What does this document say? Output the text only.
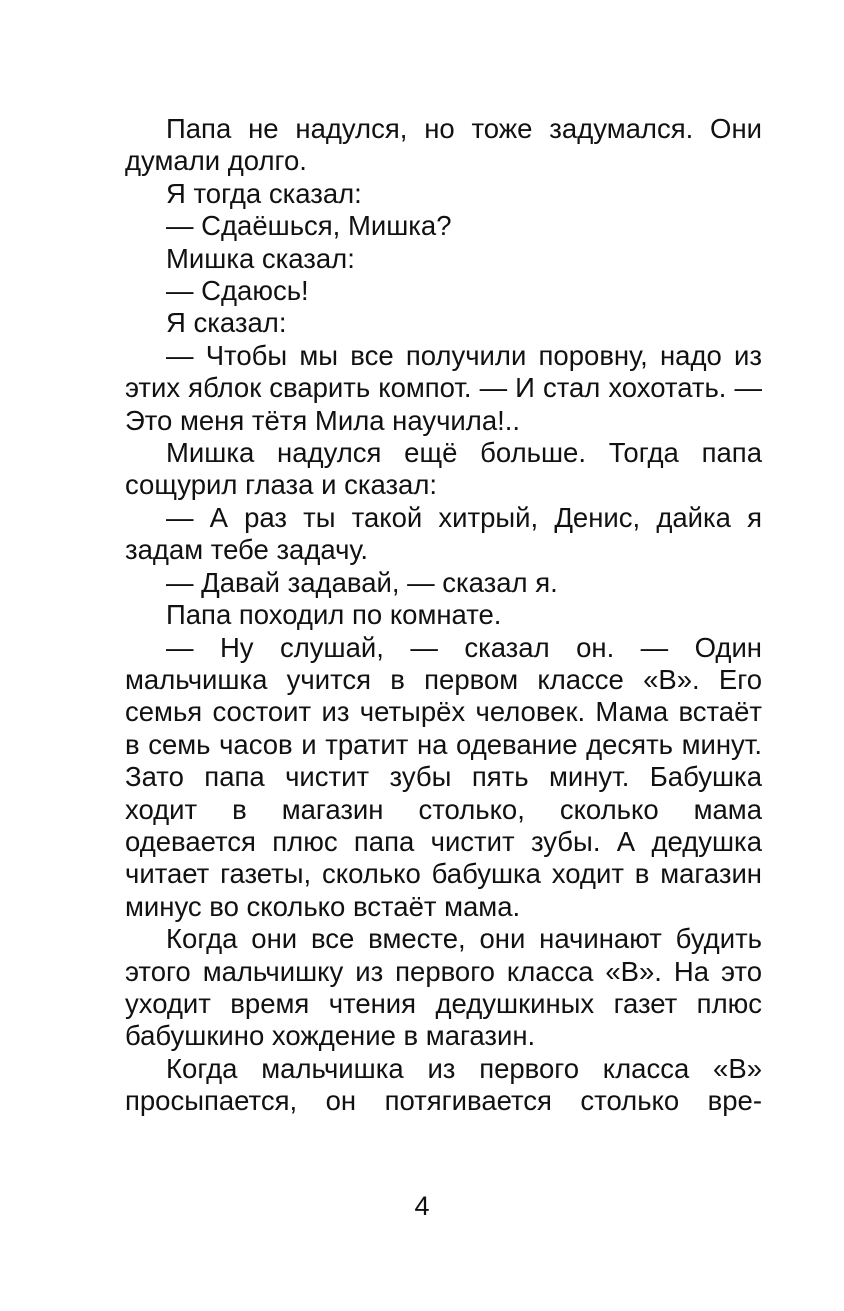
Папа не надулся, но тоже задумался. Они думали долго.

Я тогда сказал:

— Сдаёшься, Мишка?

Мишка сказал:

— Сдаюсь!

Я сказал:

— Чтобы мы все получили поровну, надо из этих яблок сварить компот. — И стал хохотать. — Это меня тётя Мила научила!..

Мишка надулся ещё больше. Тогда папа сощурил глаза и сказал:

— А раз ты такой хитрый, Денис, дайка я задам тебе задачу.

— Давай задавай, — сказал я.

Папа походил по комнате.

— Ну слушай, — сказал он. — Один мальчишка учится в первом классе «В». Его семья состоит из четырёх человек. Мама встаёт в семь часов и тратит на одевание десять минут. Зато папа чистит зубы пять минут. Бабушка ходит в магазин столько, сколько мама одевается плюс папа чистит зубы. А дедушка читает газеты, сколько бабушка ходит в магазин минус во сколько встаёт мама.

Когда они все вместе, они начинают будить этого мальчишку из первого класса «В». На это уходит время чтения дедушкиных газет плюс бабушкино хождение в магазин.

Когда мальчишка из первого класса «В» просыпается, он потягивается столько вре-

4
